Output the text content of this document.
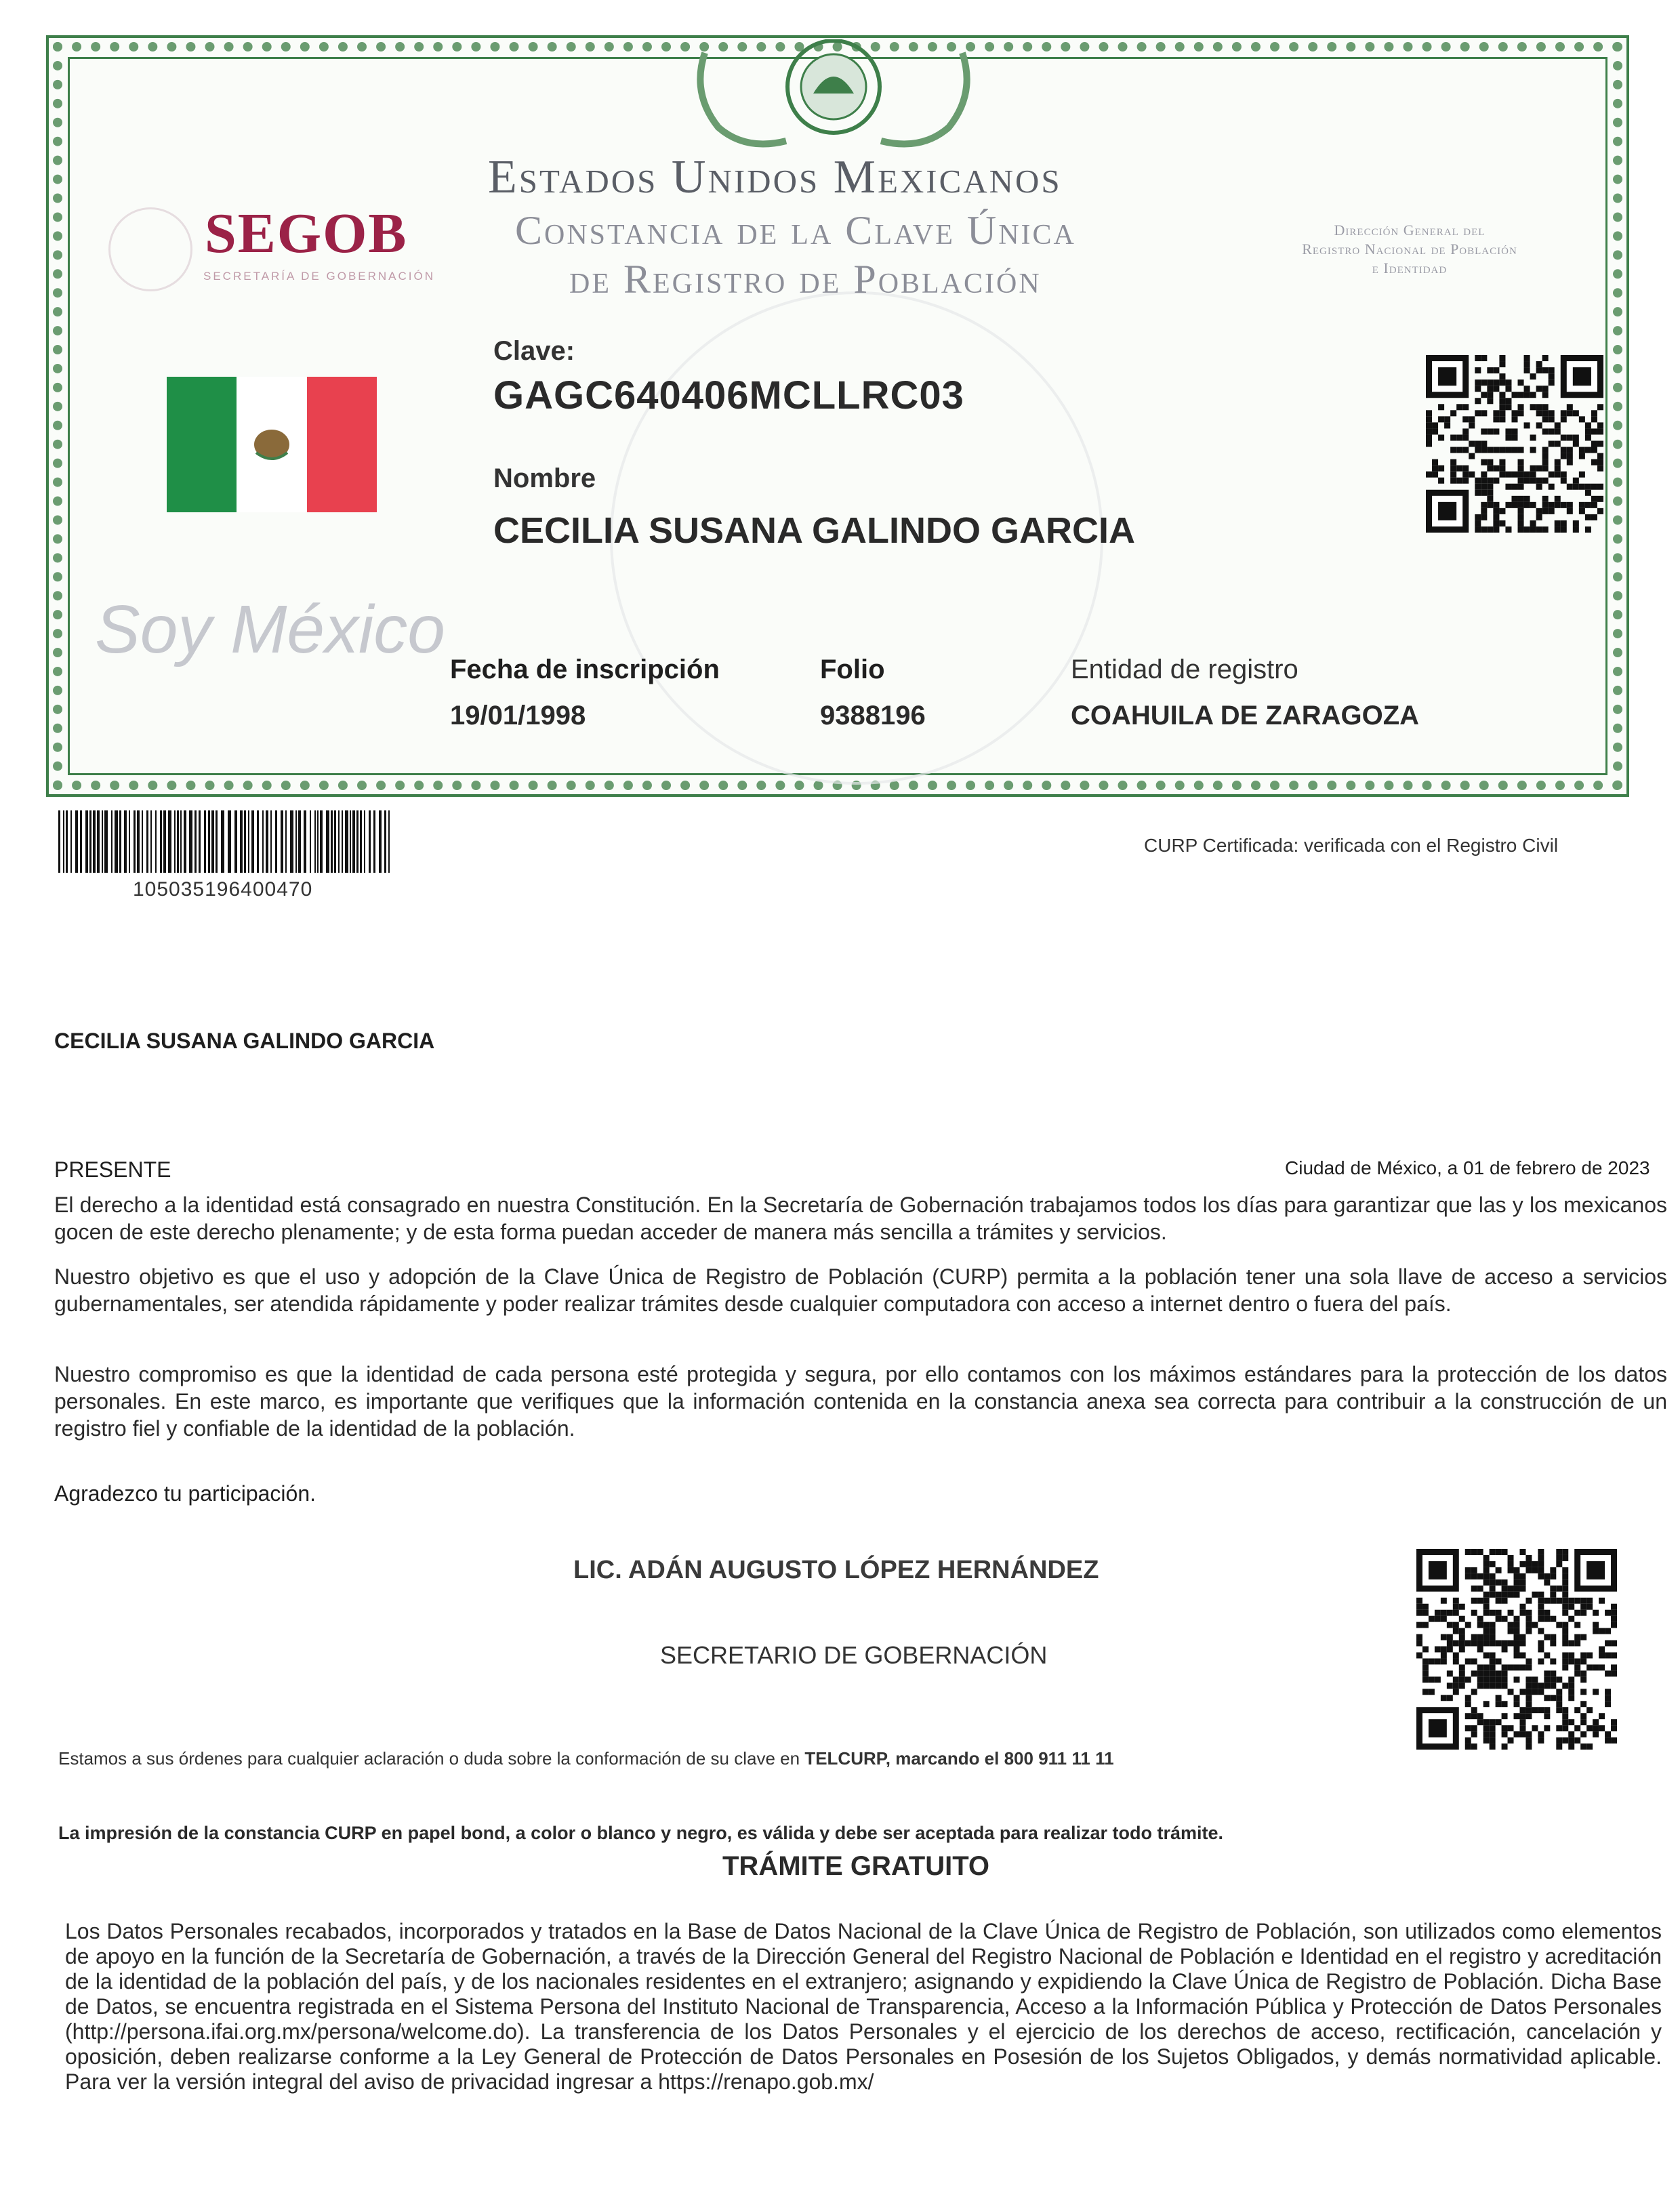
SEGOB
SECRETARÍA DE GOBERNACIÓN
Estados Unidos Mexicanos
Constancia de la Clave Única
de Registro de Población
Dirección General del
Registro Nacional de Población
e Identidad
Clave:
GAGC640406MCLLRC03
Nombre
CECILIA SUSANA GALINDO GARCIA
Soy México
Fecha de inscripción	Folio	Entidad de registro
19/01/1998	9388196	COAHUILA DE ZARAGOZA
105035196400470
CURP Certificada: verificada con el Registro Civil
CECILIA SUSANA GALINDO GARCIA
PRESENTE	Ciudad de México, a 01 de febrero de 2023
El derecho a la identidad está consagrado en nuestra Constitución. En la Secretaría de Gobernación trabajamos todos los días para garantizar que las y los mexicanos gocen de este derecho plenamente; y de esta forma puedan acceder de manera más sencilla a trámites y servicios.
Nuestro objetivo es que el uso y adopción de la Clave Única de Registro de Población (CURP) permita a la población tener una sola llave de acceso a servicios gubernamentales, ser atendida rápidamente y poder realizar trámites desde cualquier computadora con acceso a internet dentro o fuera del país.
Nuestro compromiso es que la identidad de cada persona esté protegida y segura, por ello contamos con los máximos estándares para la protección de los datos personales. En este marco, es importante que verifiques que la información contenida en la constancia anexa sea correcta para contribuir a la construcción de un registro fiel y confiable de la identidad de la población.
Agradezco tu participación.
LIC. ADÁN AUGUSTO LÓPEZ HERNÁNDEZ
SECRETARIO DE GOBERNACIÓN
Estamos a sus órdenes para cualquier aclaración o duda sobre la conformación de su clave en TELCURP, marcando el 800 911 11 11
La impresión de la constancia CURP en papel bond, a color o blanco y negro, es válida y debe ser aceptada para realizar todo trámite.
TRÁMITE GRATUITO
Los Datos Personales recabados, incorporados y tratados en la Base de Datos Nacional de la Clave Única de Registro de Población, son utilizados como elementos de apoyo en la función de la Secretaría de Gobernación, a través de la Dirección General del Registro Nacional de Población e Identidad en el registro y acreditación de la identidad de la población del país, y de los nacionales residentes en el extranjero; asignando y expidiendo la Clave Única de Registro de Población. Dicha Base de Datos, se encuentra registrada en el Sistema Persona del Instituto Nacional de Transparencia, Acceso a la Información Pública y Protección de Datos Personales (http://persona.ifai.org.mx/persona/welcome.do). La transferencia de los Datos Personales y el ejercicio de los derechos de acceso, rectificación, cancelación y oposición, deben realizarse conforme a la Ley General de Protección de Datos Personales en Posesión de los Sujetos Obligados, y demás normatividad aplicable. Para ver la versión integral del aviso de privacidad ingresar a https://renapo.gob.mx/
